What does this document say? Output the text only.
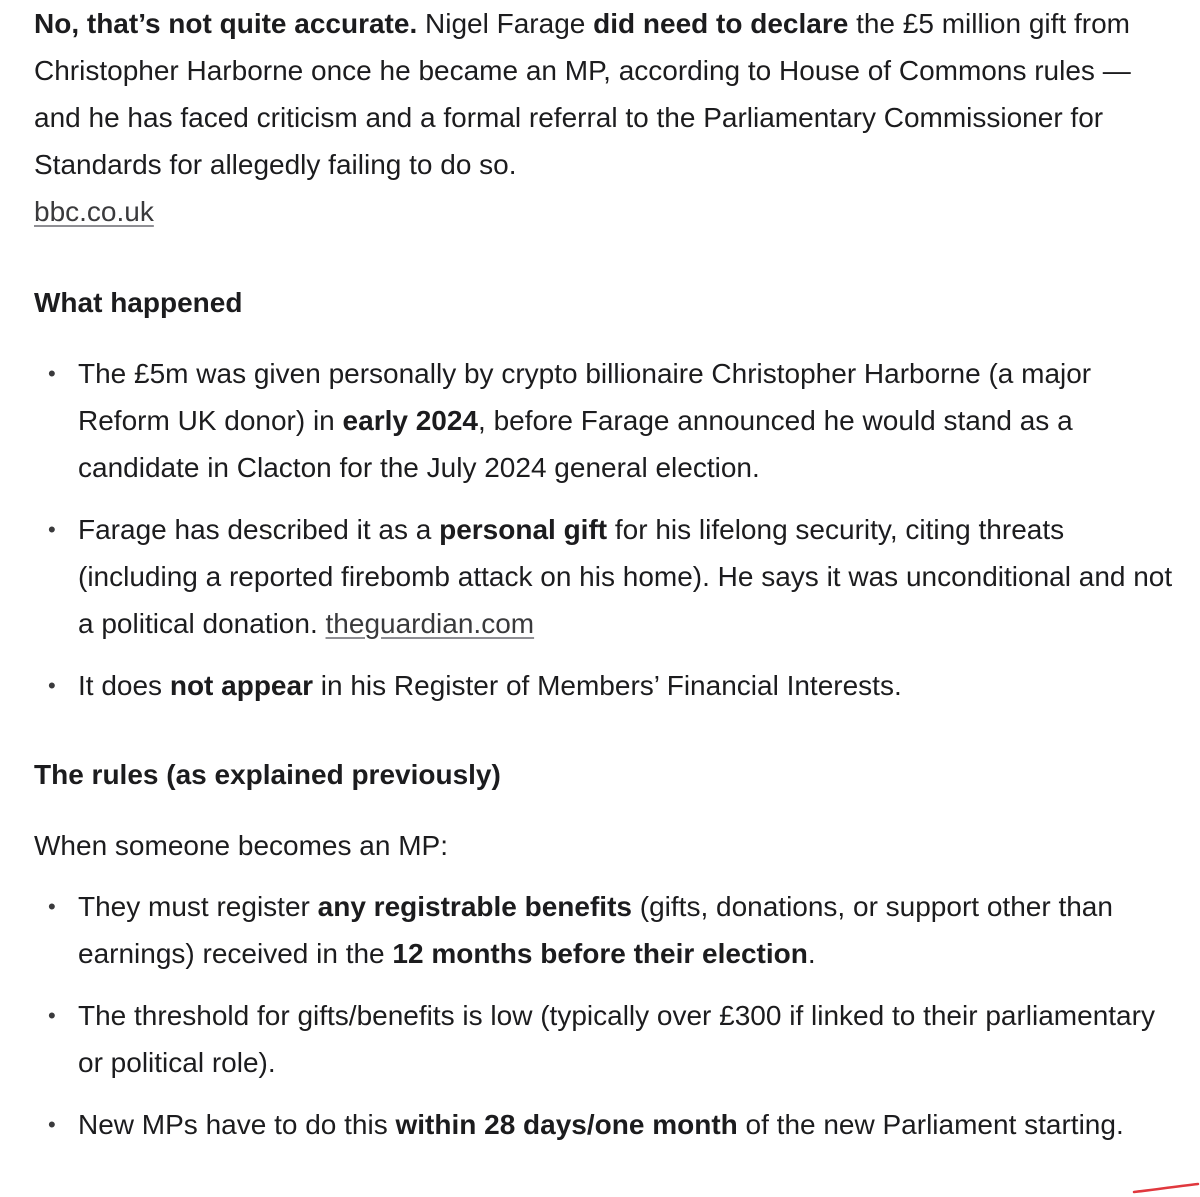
No, that’s not quite accurate. Nigel Farage did need to declare the £5 million gift from Christopher Harborne once he became an MP, according to House of Commons rules — and he has faced criticism and a formal referral to the Parliamentary Commissioner for Standards for allegedly failing to do so.
bbc.co.uk

What happened
• The £5m was given personally by crypto billionaire Christopher Harborne (a major Reform UK donor) in early 2024, before Farage announced he would stand as a candidate in Clacton for the July 2024 general election.
• Farage has described it as a personal gift for his lifelong security, citing threats (including a reported firebomb attack on his home). He says it was unconditional and not a political donation. theguardian.com
• It does not appear in his Register of Members’ Financial Interests.
The rules (as explained previously)

When someone becomes an MP:

• They must register any registrable benefits (gifts, donations, or support other than earnings) received in the 12 months before their election.
• The threshold for gifts/benefits is low (typically over £300 if linked to their parliamentary or political role).
• New MPs have to do this within 28 days/one month of the new Parliament starting.
